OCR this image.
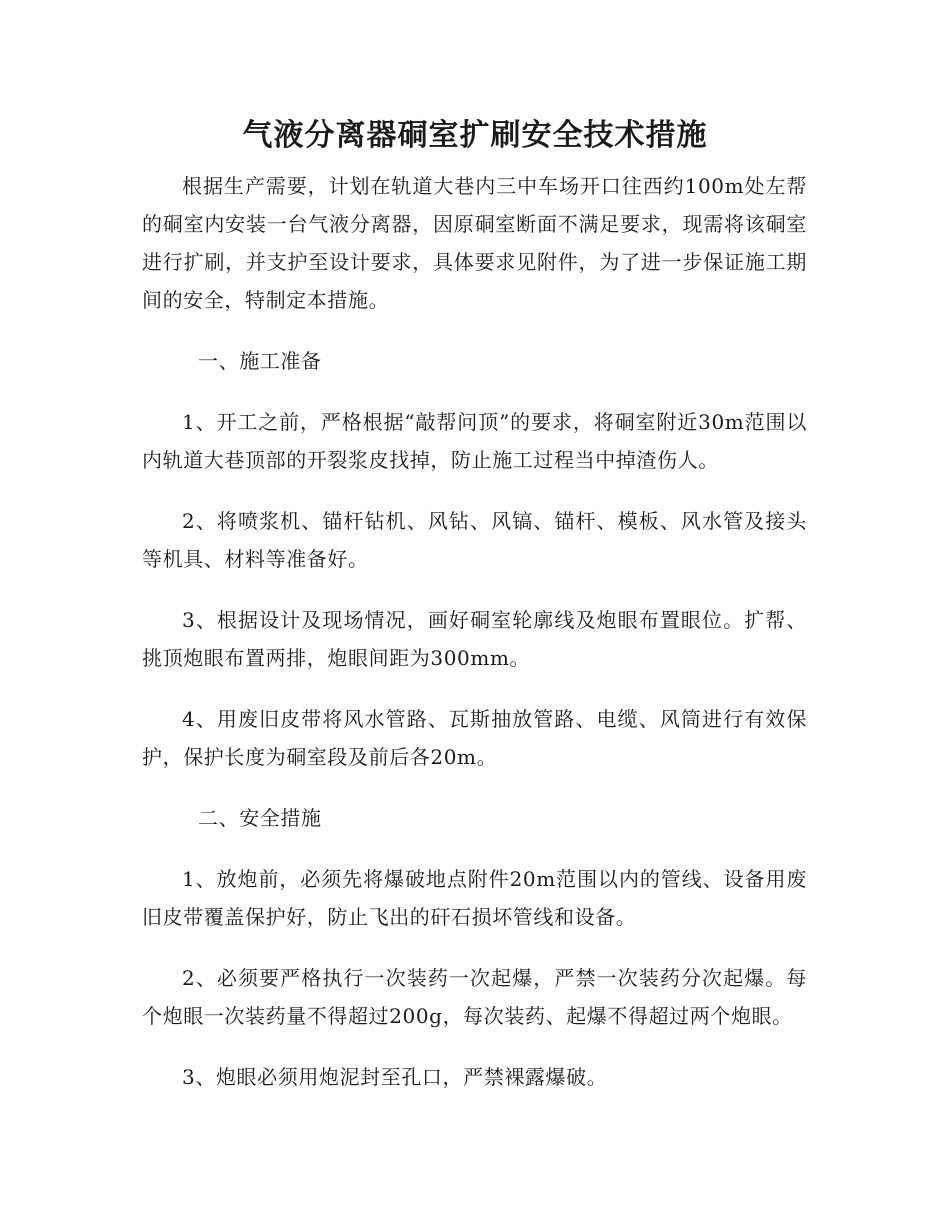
气液分离器硐室扩刷安全技术措施

根据生产需要，计划在轨道大巷内三中车场开口往西约100m处左帮的硐室内安装一台气液分离器，因原硐室断面不满足要求，现需将该硐室进行扩刷，并支护至设计要求，具体要求见附件，为了进一步保证施工期间的安全，特制定本措施。

一、施工准备

1、开工之前，严格根据“敲帮问顶”的要求，将硐室附近30m范围以内轨道大巷顶部的开裂浆皮找掉，防止施工过程当中掉渣伤人。

2、将喷浆机、锚杆钻机、风钻、风镐、锚杆、模板、风水管及接头等机具、材料等准备好。

3、根据设计及现场情况，画好硐室轮廓线及炮眼布置眼位。扩帮、挑顶炮眼布置两排，炮眼间距为300mm。

4、用废旧皮带将风水管路、瓦斯抽放管路、电缆、风筒进行有效保护，保护长度为硐室段及前后各20m。

二、安全措施

1、放炮前，必须先将爆破地点附件20m范围以内的管线、设备用废旧皮带覆盖保护好，防止飞出的矸石损坏管线和设备。

2、必须要严格执行一次装药一次起爆，严禁一次装药分次起爆。每个炮眼一次装药量不得超过200g，每次装药、起爆不得超过两个炮眼。

3、炮眼必须用炮泥封至孔口，严禁裸露爆破。
